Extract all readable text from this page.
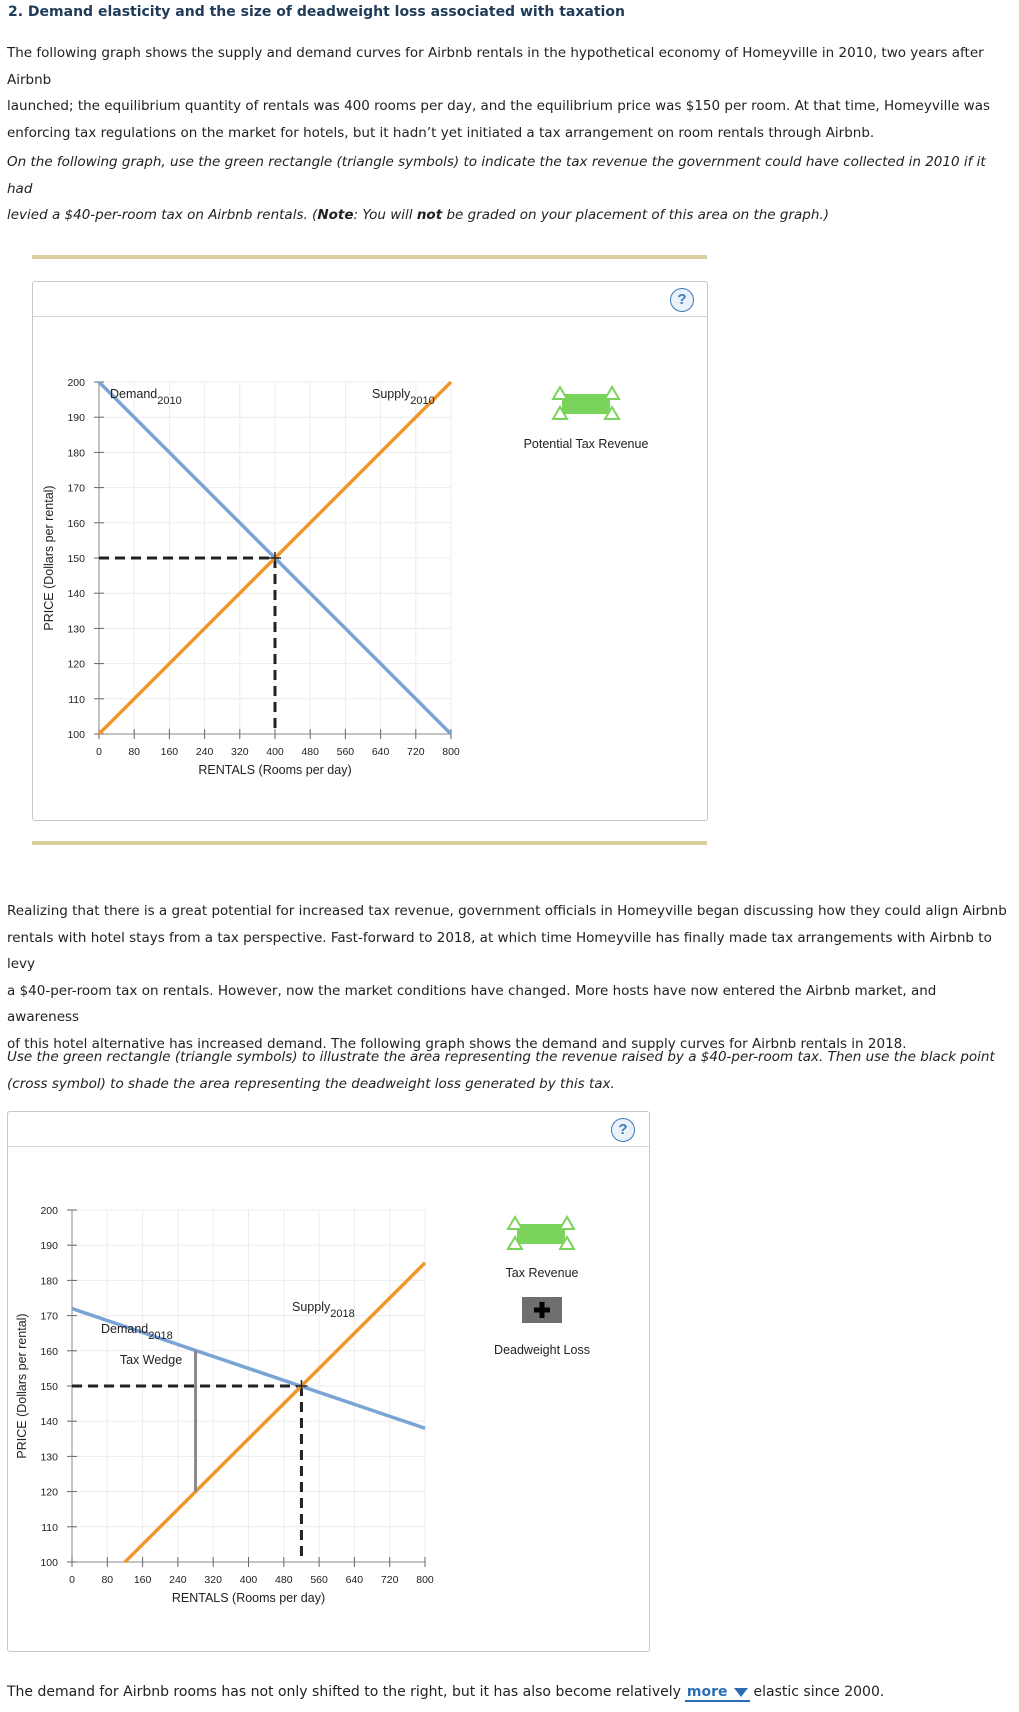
2. Demand elasticity and the size of deadweight loss associated with taxation
The following graph shows the supply and demand curves for Airbnb rentals in the hypothetical economy of Homeyville in 2010, two years after Airbnb
launched; the equilibrium quantity of rentals was 400 rooms per day, and the equilibrium price was $150 per room. At that time, Homeyville was
enforcing tax regulations on the market for hotels, but it hadn’t yet initiated a tax arrangement on room rentals through Airbnb.
On the following graph, use the green rectangle (triangle symbols) to indicate the tax revenue the government could have collected in 2010 if it had
levied a $40-per-room tax on Airbnb rentals. (Note: You will not be graded on your placement of this area on the graph.)
?
100
110
120
130
140
150
160
170
180
190
200
0	80 160 240 320 400 480 560 640 720 800
RENTALS (Rooms per day)
PRICE (Dollars per rental)
Demand2010	Supply2010
Potential Tax Revenue
Realizing that there is a great potential for increased tax revenue, government officials in Homeyville began discussing how they could align Airbnb
rentals with hotel stays from a tax perspective. Fast-forward to 2018, at which time Homeyville has finally made tax arrangements with Airbnb to levy
a $40-per-room tax on rentals. However, now the market conditions have changed. More hosts have now entered the Airbnb market, and awareness
of this hotel alternative has increased demand. The following graph shows the demand and supply curves for Airbnb rentals in 2018.
Use the green rectangle (triangle symbols) to illustrate the area representing the revenue raised by a $40-per-room tax. Then use the black point
(cross symbol) to shade the area representing the deadweight loss generated by this tax.
?
100
110
120
130
140
150
160
170
180
190
200
0	80 160 240 320 400 480 560 640 720 800
RENTALS (Rooms per day)
PRICE (Dollars per rental)	Demand2018
Supply2018
Tax Wedge
Tax Revenue
Deadweight Loss
The demand for Airbnb rooms has not only shifted to the right, but it has also become relatively more elastic since 2000.
